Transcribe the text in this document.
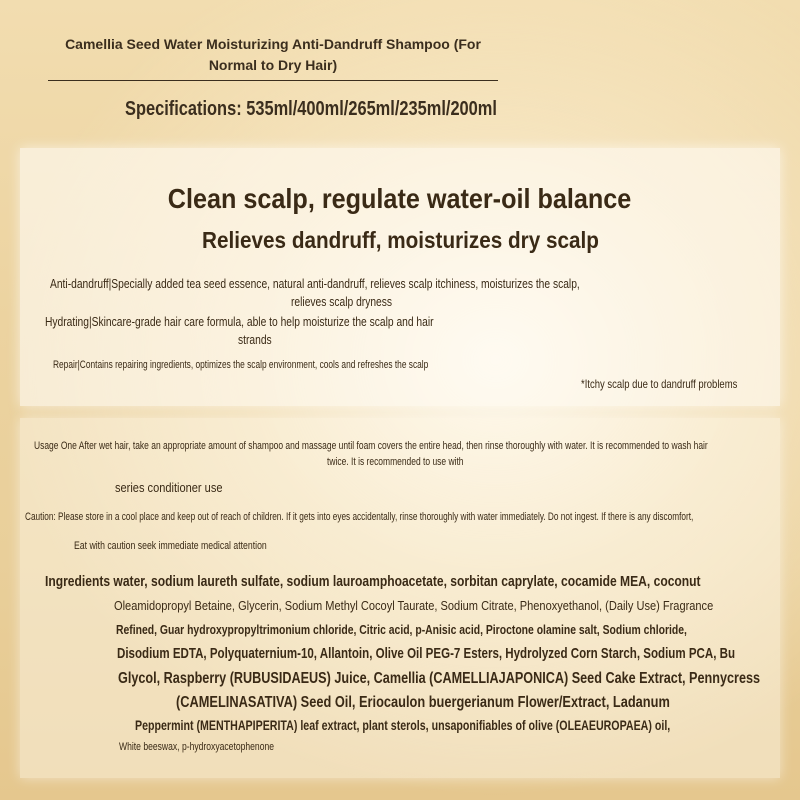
Camellia Seed Water Moisturizing Anti-Dandruff Shampoo (For Normal to Dry Hair)
Specifications: 535ml/400ml/265ml/235ml/200ml
Clean scalp, regulate water-oil balance
Relieves dandruff, moisturizes dry scalp
Anti-dandruff|Specially added tea seed essence, natural anti-dandruff, relieves scalp itchiness, moisturizes the scalp,
relieves scalp dryness
Hydrating|Skincare-grade hair care formula, able to help moisturize the scalp and hair
strands
Repair|Contains repairing ingredients, optimizes the scalp environment, cools and refreshes the scalp
*Itchy scalp due to dandruff problems
Usage One After wet hair, take an appropriate amount of shampoo and massage until foam covers the entire head, then rinse thoroughly with water. It is recommended to wash hair
twice. It is recommended to use with
series conditioner use
Caution: Please store in a cool place and keep out of reach of children. If it gets into eyes accidentally, rinse thoroughly with water immediately. Do not ingest. If there is any discomfort,
Eat with caution seek immediate medical attention
Ingredients water, sodium laureth sulfate, sodium lauroamphoacetate, sorbitan caprylate, cocamide MEA, coconut
Oleamidopropyl Betaine, Glycerin, Sodium Methyl Cocoyl Taurate, Sodium Citrate, Phenoxyethanol, (Daily Use) Fragrance
Refined, Guar hydroxypropyltrimonium chloride, Citric acid, p-Anisic acid, Piroctone olamine salt, Sodium chloride,
Disodium EDTA, Polyquaternium-10, Allantoin, Olive Oil PEG-7 Esters, Hydrolyzed Corn Starch, Sodium PCA, Bu
Glycol, Raspberry (RUBUSIDAEUS) Juice, Camellia (CAMELLIAJAPONICA) Seed Cake Extract, Pennycress
(CAMELINASATIVA) Seed Oil, Eriocaulon buergerianum Flower/Extract, Ladanum
Peppermint (MENTHAPIPERITA) leaf extract, plant sterols, unsaponifiables of olive (OLEAEUROPAEA) oil,
White beeswax, p-hydroxyacetophenone
